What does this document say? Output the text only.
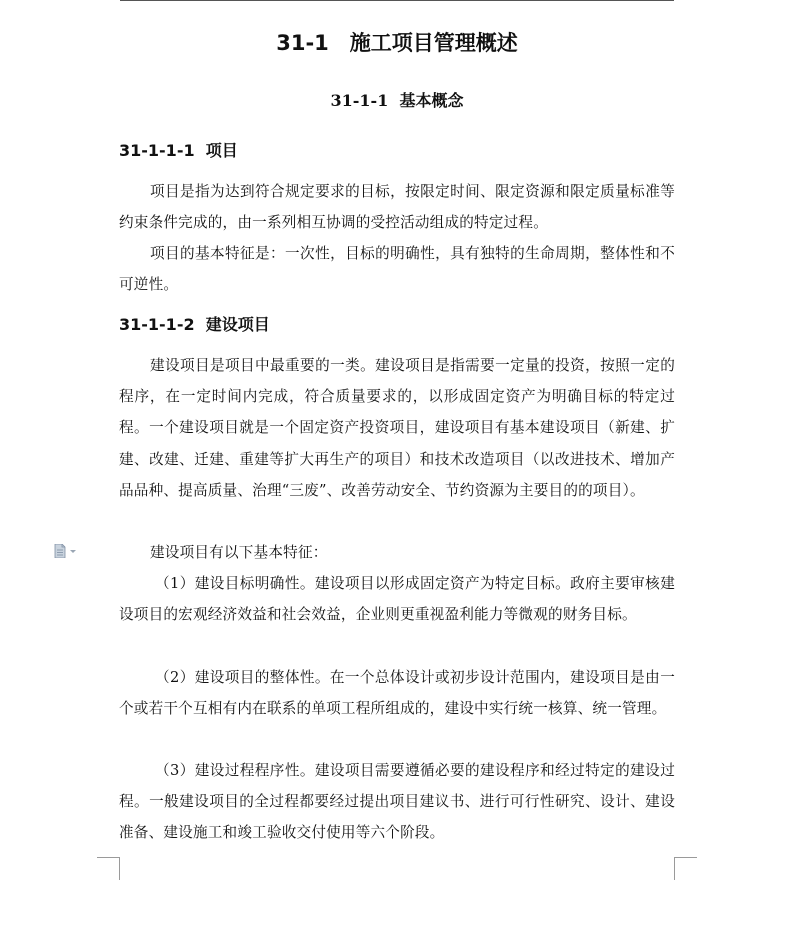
31-1　施工项目管理概述
31-1-1  基本概念
31-1-1-1  项目
项目是指为达到符合规定要求的目标，按限定时间、限定资源和限定质量标准等约束条件完成的，由一系列相互协调的受控活动组成的特定过程。
项目的基本特征是：一次性，目标的明确性，具有独特的生命周期，整体性和不可逆性。
31-1-1-2  建设项目
建设项目是项目中最重要的一类。建设项目是指需要一定量的投资，按照一定的程序，在一定时间内完成，符合质量要求的，以形成固定资产为明确目标的特定过程。一个建设项目就是一个固定资产投资项目，建设项目有基本建设项目（新建、扩建、改建、迁建、重建等扩大再生产的项目）和技术改造项目（以改进技术、增加产品品种、提高质量、治理“三废”、改善劳动安全、节约资源为主要目的的项目）。
建设项目有以下基本特征：
（1）建设目标明确性。建设项目以形成固定资产为特定目标。政府主要审核建设项目的宏观经济效益和社会效益，企业则更重视盈利能力等微观的财务目标。
（2）建设项目的整体性。在一个总体设计或初步设计范围内，建设项目是由一个或若干个互相有内在联系的单项工程所组成的，建设中实行统一核算、统一管理。
（3）建设过程程序性。建设项目需要遵循必要的建设程序和经过特定的建设过程。一般建设项目的全过程都要经过提出项目建议书、进行可行性研究、设计、建设准备、建设施工和竣工验收交付使用等六个阶段。
